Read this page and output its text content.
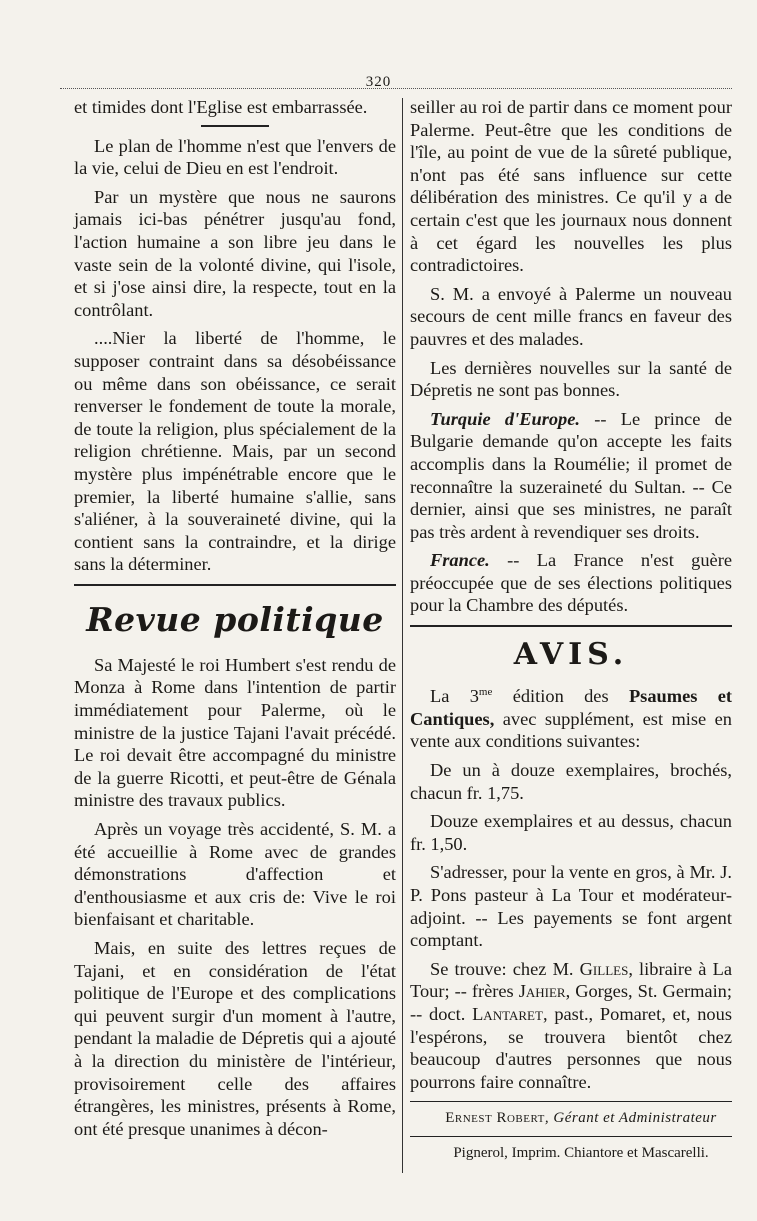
320

et timides dont l'Eglise est embarrassée.

Le plan de l'homme n'est que l'envers de la vie, celui de Dieu en est l'endroit.

Par un mystère que nous ne saurons jamais ici-bas pénétrer jusqu'au fond, l'action humaine a son libre jeu dans le vaste sein de la volonté divine, qui l'isole, et si j'ose ainsi dire, la respecte, tout en la contrôlant.

....Nier la liberté de l'homme, le supposer contraint dans sa désobéissance ou même dans son obéissance, ce serait renverser le fondement de toute la morale, de toute la religion, plus spécialement de la religion chrétienne. Mais, par un second mystère plus impénétrable encore que le premier, la liberté humaine s'allie, sans s'aliéner, à la souveraineté divine, qui la contient sans la contraindre, et la dirige sans la déterminer.

Revue politique

Sa Majesté le roi Humbert s'est rendu de Monza à Rome dans l'intention de partir immédiatement pour Palerme, où le ministre de la justice Tajani l'avait précédé. Le roi devait être accompagné du ministre de la guerre Ricotti, et peut-être de Génala ministre des travaux publics.

Après un voyage très accidenté, S. M. a été accueillie à Rome avec de grandes démonstrations d'affection et d'enthousiasme et aux cris de: Vive le roi bienfaisant et charitable.

Mais, en suite des lettres reçues de Tajani, et en considération de l'état politique de l'Europe et des complications qui peuvent surgir d'un moment à l'autre, pendant la maladie de Dépretis qui a ajouté à la direction du ministère de l'intérieur, provisoirement celle des affaires étrangères, les ministres, présents à Rome, ont été presque unanimes à décon-

seiller au roi de partir dans ce moment pour Palerme. Peut-être que les conditions de l'île, au point de vue de la sûreté publique, n'ont pas été sans influence sur cette délibération des ministres. Ce qu'il y a de certain c'est que les journaux nous donnent à cet égard les nouvelles les plus contradictoires.

S. M. a envoyé à Palerme un nouveau secours de cent mille francs en faveur des pauvres et des malades.

Les dernières nouvelles sur la santé de Dépretis ne sont pas bonnes.

Turquie d'Europe. -- Le prince de Bulgarie demande qu'on accepte les faits accomplis dans la Roumélie; il promet de reconnaître la suzeraineté du Sultan. -- Ce dernier, ainsi que ses ministres, ne paraît pas très ardent à revendiquer ses droits.

France. -- La France n'est guère préoccupée que de ses élections politiques pour la Chambre des députés.

AVIS.

La $3^{me}$ édition des Psaumes et Cantiques, avec supplément, est mise en vente aux conditions suivantes:

De un à douze exemplaires, brochés, chacun fr. 1,75.

Douze exemplaires et au dessus, chacun fr. 1,50.

S'adresser, pour la vente en gros, à Mr. J. P. Pons pasteur à La Tour et modérateur-adjoint. -- Les payements se font argent comptant.

Se trouve: chez M. Gilles, libraire à La Tour; -- frères Jahier, Gorges, St. Germain; -- doct. Lantaret, past., Pomaret, et, nous l'espérons, se trouvera bientôt chez beaucoup d'autres personnes que nous pourrons faire connaître.

Ernest Robert, Gérant et Administrateur

Pignerol, Imprim. Chiantore et Mascarelli.
